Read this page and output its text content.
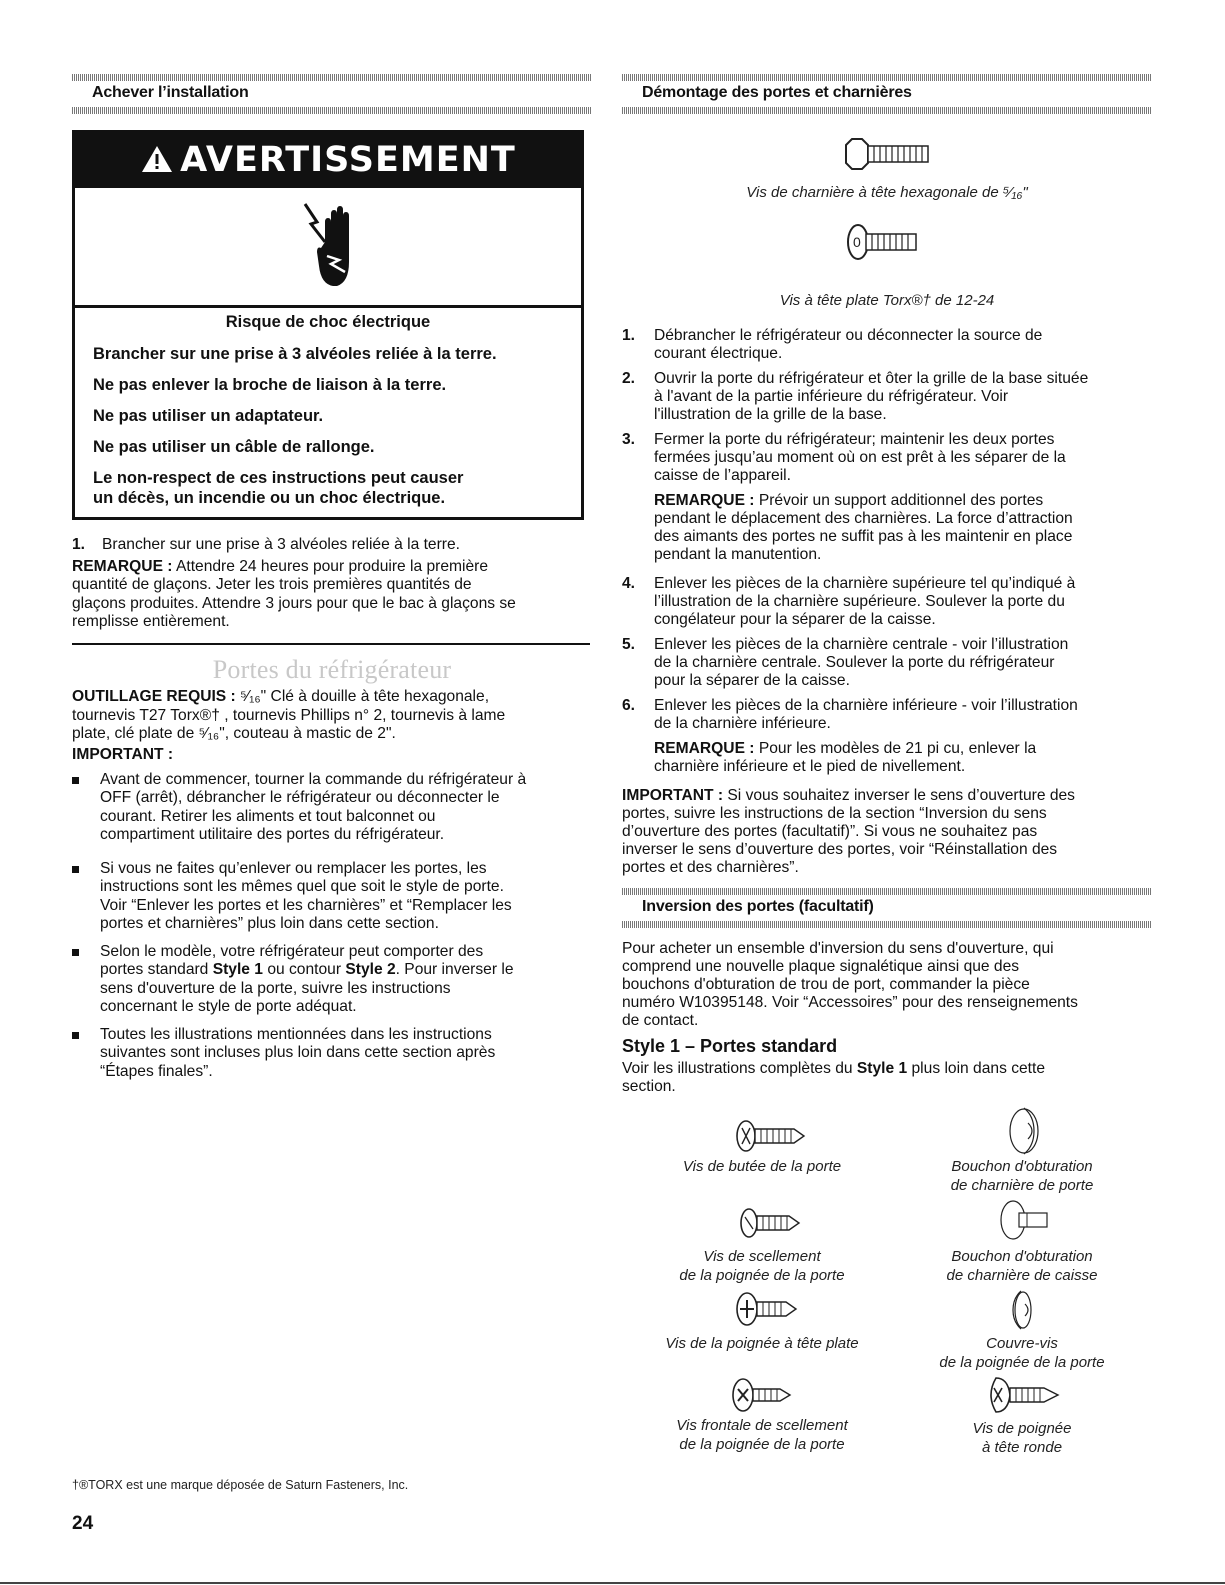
Achever l’installation
AVERTISSEMENT
Risque de choc électrique
Brancher sur une prise à 3 alvéoles reliée à la terre.
Ne pas enlever la broche de liaison à la terre.
Ne pas utiliser un adaptateur.
Ne pas utiliser un câble de rallonge.
Le non-respect de ces instructions peut causer
un décès, un incendie ou un choc électrique.
1. Brancher sur une prise à 3 alvéoles reliée à la terre.
REMARQUE : Attendre 24 heures pour produire la première
quantité de glaçons. Jeter les trois premières quantités de
glaçons produites. Attendre 3 jours pour que le bac à glaçons se
remplisse entièrement.
Portes du réfrigérateur
OUTILLAGE REQUIS : ⁵⁄₁₆" Clé à douille à tête hexagonale,
tournevis T27 Torx®† , tournevis Phillips n° 2, tournevis à lame
plate, clé plate de ⁵⁄₁₆", couteau à mastic de 2".
IMPORTANT :
Avant de commencer, tourner la commande du réfrigérateur à
OFF (arrêt), débrancher le réfrigérateur ou déconnecter le
courant. Retirer les aliments et tout balconnet ou
compartiment utilitaire des portes du réfrigérateur.
Si vous ne faites qu’enlever ou remplacer les portes, les
instructions sont les mêmes quel que soit le style de porte.
Voir “Enlever les portes et les charnières” et “Remplacer les
portes et charnières” plus loin dans cette section.
Selon le modèle, votre réfrigérateur peut comporter des
portes standard Style 1 ou contour Style 2. Pour inverser le
sens d'ouverture de la porte, suivre les instructions
concernant le style de porte adéquat.
Toutes les illustrations mentionnées dans les instructions
suivantes sont incluses plus loin dans cette section après
“Étapes finales”.
Démontage des portes et charnières
Vis de charnière à tête hexagonale de ⁵⁄₁₆"
0
Vis à tête plate Torx®† de 12-24
1. Débrancher le réfrigérateur ou déconnecter la source de
courant électrique.
2. Ouvrir la porte du réfrigérateur et ôter la grille de la base située
à l'avant de la partie inférieure du réfrigérateur. Voir
l'illustration de la grille de la base.
3. Fermer la porte du réfrigérateur; maintenir les deux portes
fermées jusqu’au moment où on est prêt à les séparer de la
caisse de l’appareil.
REMARQUE : Prévoir un support additionnel des portes
pendant le déplacement des charnières. La force d’attraction
des aimants des portes ne suffit pas à les maintenir en place
pendant la manutention.
4. Enlever les pièces de la charnière supérieure tel qu’indiqué à
l’illustration de la charnière supérieure. Soulever la porte du
congélateur pour la séparer de la caisse.
5. Enlever les pièces de la charnière centrale - voir l’illustration
de la charnière centrale. Soulever la porte du réfrigérateur
pour la séparer de la caisse.
6. Enlever les pièces de la charnière inférieure - voir l’illustration
de la charnière inférieure.
REMARQUE : Pour les modèles de 21 pi cu, enlever la
charnière inférieure et le pied de nivellement.
IMPORTANT : Si vous souhaitez inverser le sens d’ouverture des
portes, suivre les instructions de la section “Inversion du sens
d’ouverture des portes (facultatif)”. Si vous ne souhaitez pas
inverser le sens d’ouverture des portes, voir “Réinstallation des
portes et des charnières”.
Inversion des portes (facultatif)
Pour acheter un ensemble d'inversion du sens d'ouverture, qui
comprend une nouvelle plaque signalétique ainsi que des
bouchons d'obturation de trou de port, commander la pièce
numéro W10395148. Voir “Accessoires” pour des renseignements
de contact.
Style 1 – Portes standard
Voir les illustrations complètes du Style 1 plus loin dans cette
section.
Vis de butée de la porte	Bouchon d'obturation
de charnière de porte
Vis de scellement
de la poignée de la porte
Bouchon d'obturation
de charnière de caisse
Vis de la poignée à tête plate	Couvre-vis
de la poignée de la porte
Vis frontale de scellement
de la poignée de la porte
Vis de poignée
à tête ronde
†®TORX est une marque déposée de Saturn Fasteners, Inc.
24
